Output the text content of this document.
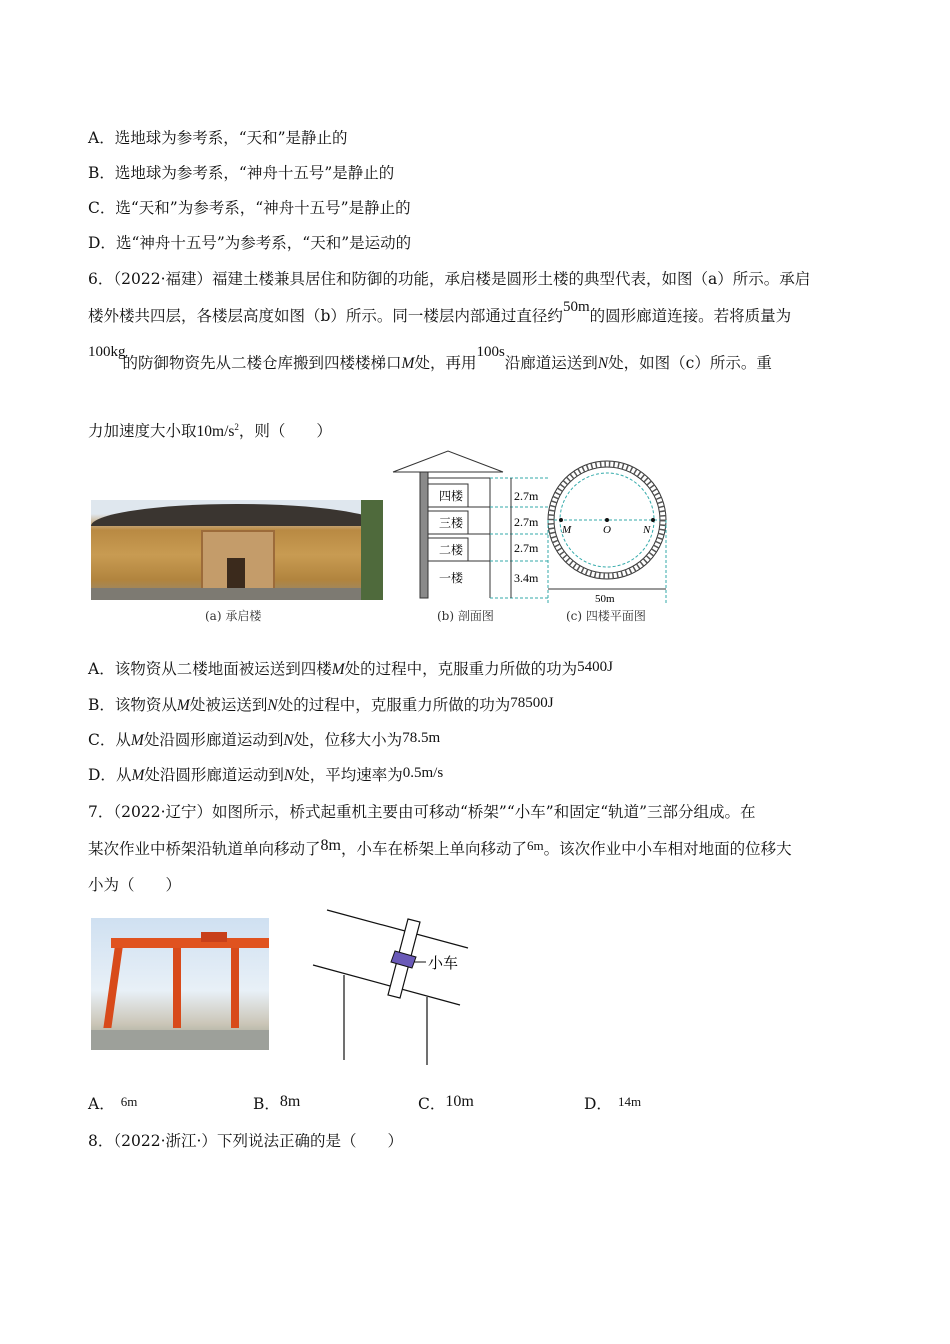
A．选地球为参考系，“天和”是静止的
B．选地球为参考系，“神舟十五号”是静止的
C．选“天和”为参考系，“神舟十五号”是静止的
D．选“神舟十五号”为参考系，“天和”是运动的
6．（2022·福建）福建土楼兼具居住和防御的功能，承启楼是圆形土楼的典型代表，如图（a）所示。承启
楼外楼共四层，各楼层高度如图（b）所示。同一楼层内部通过直径约50m的圆形廊道连接。若将质量为
100kg的防御物资先从二楼仓库搬到四楼楼梯口M处，再用100s沿廊道运送到N处，如图（c）所示。重
力加速度大小取$10m/s^2$，则（　　）
(a) 承启楼
四楼
三楼
二楼
一楼
2.7m
2.7m
2.7m
3.4m
(b) 剖面图
M	O	N
50m
(c) 四楼平面图
A．该物资从二楼地面被运送到四楼M处的过程中，克服重力所做的功为5400J
B．该物资从M处被运送到N处的过程中，克服重力所做的功为78500J
C．从M处沿圆形廊道运动到N处，位移大小为78.5m
D．从M处沿圆形廊道运动到N处，平均速率为0.5m/s
7．（2022·辽宁）如图所示，桥式起重机主要由可移动“桥架”“小车”和固定“轨道”三部分组成。在
某次作业中桥架沿轨道单向移动了8m，小车在桥架上单向移动了$^{6m}$。该次作业中小车相对地面的位移大
小为（　　）
小车
A． 6m	B．8m	C．10m	D． 14m
8．（2022·浙江·）下列说法正确的是（　　）
